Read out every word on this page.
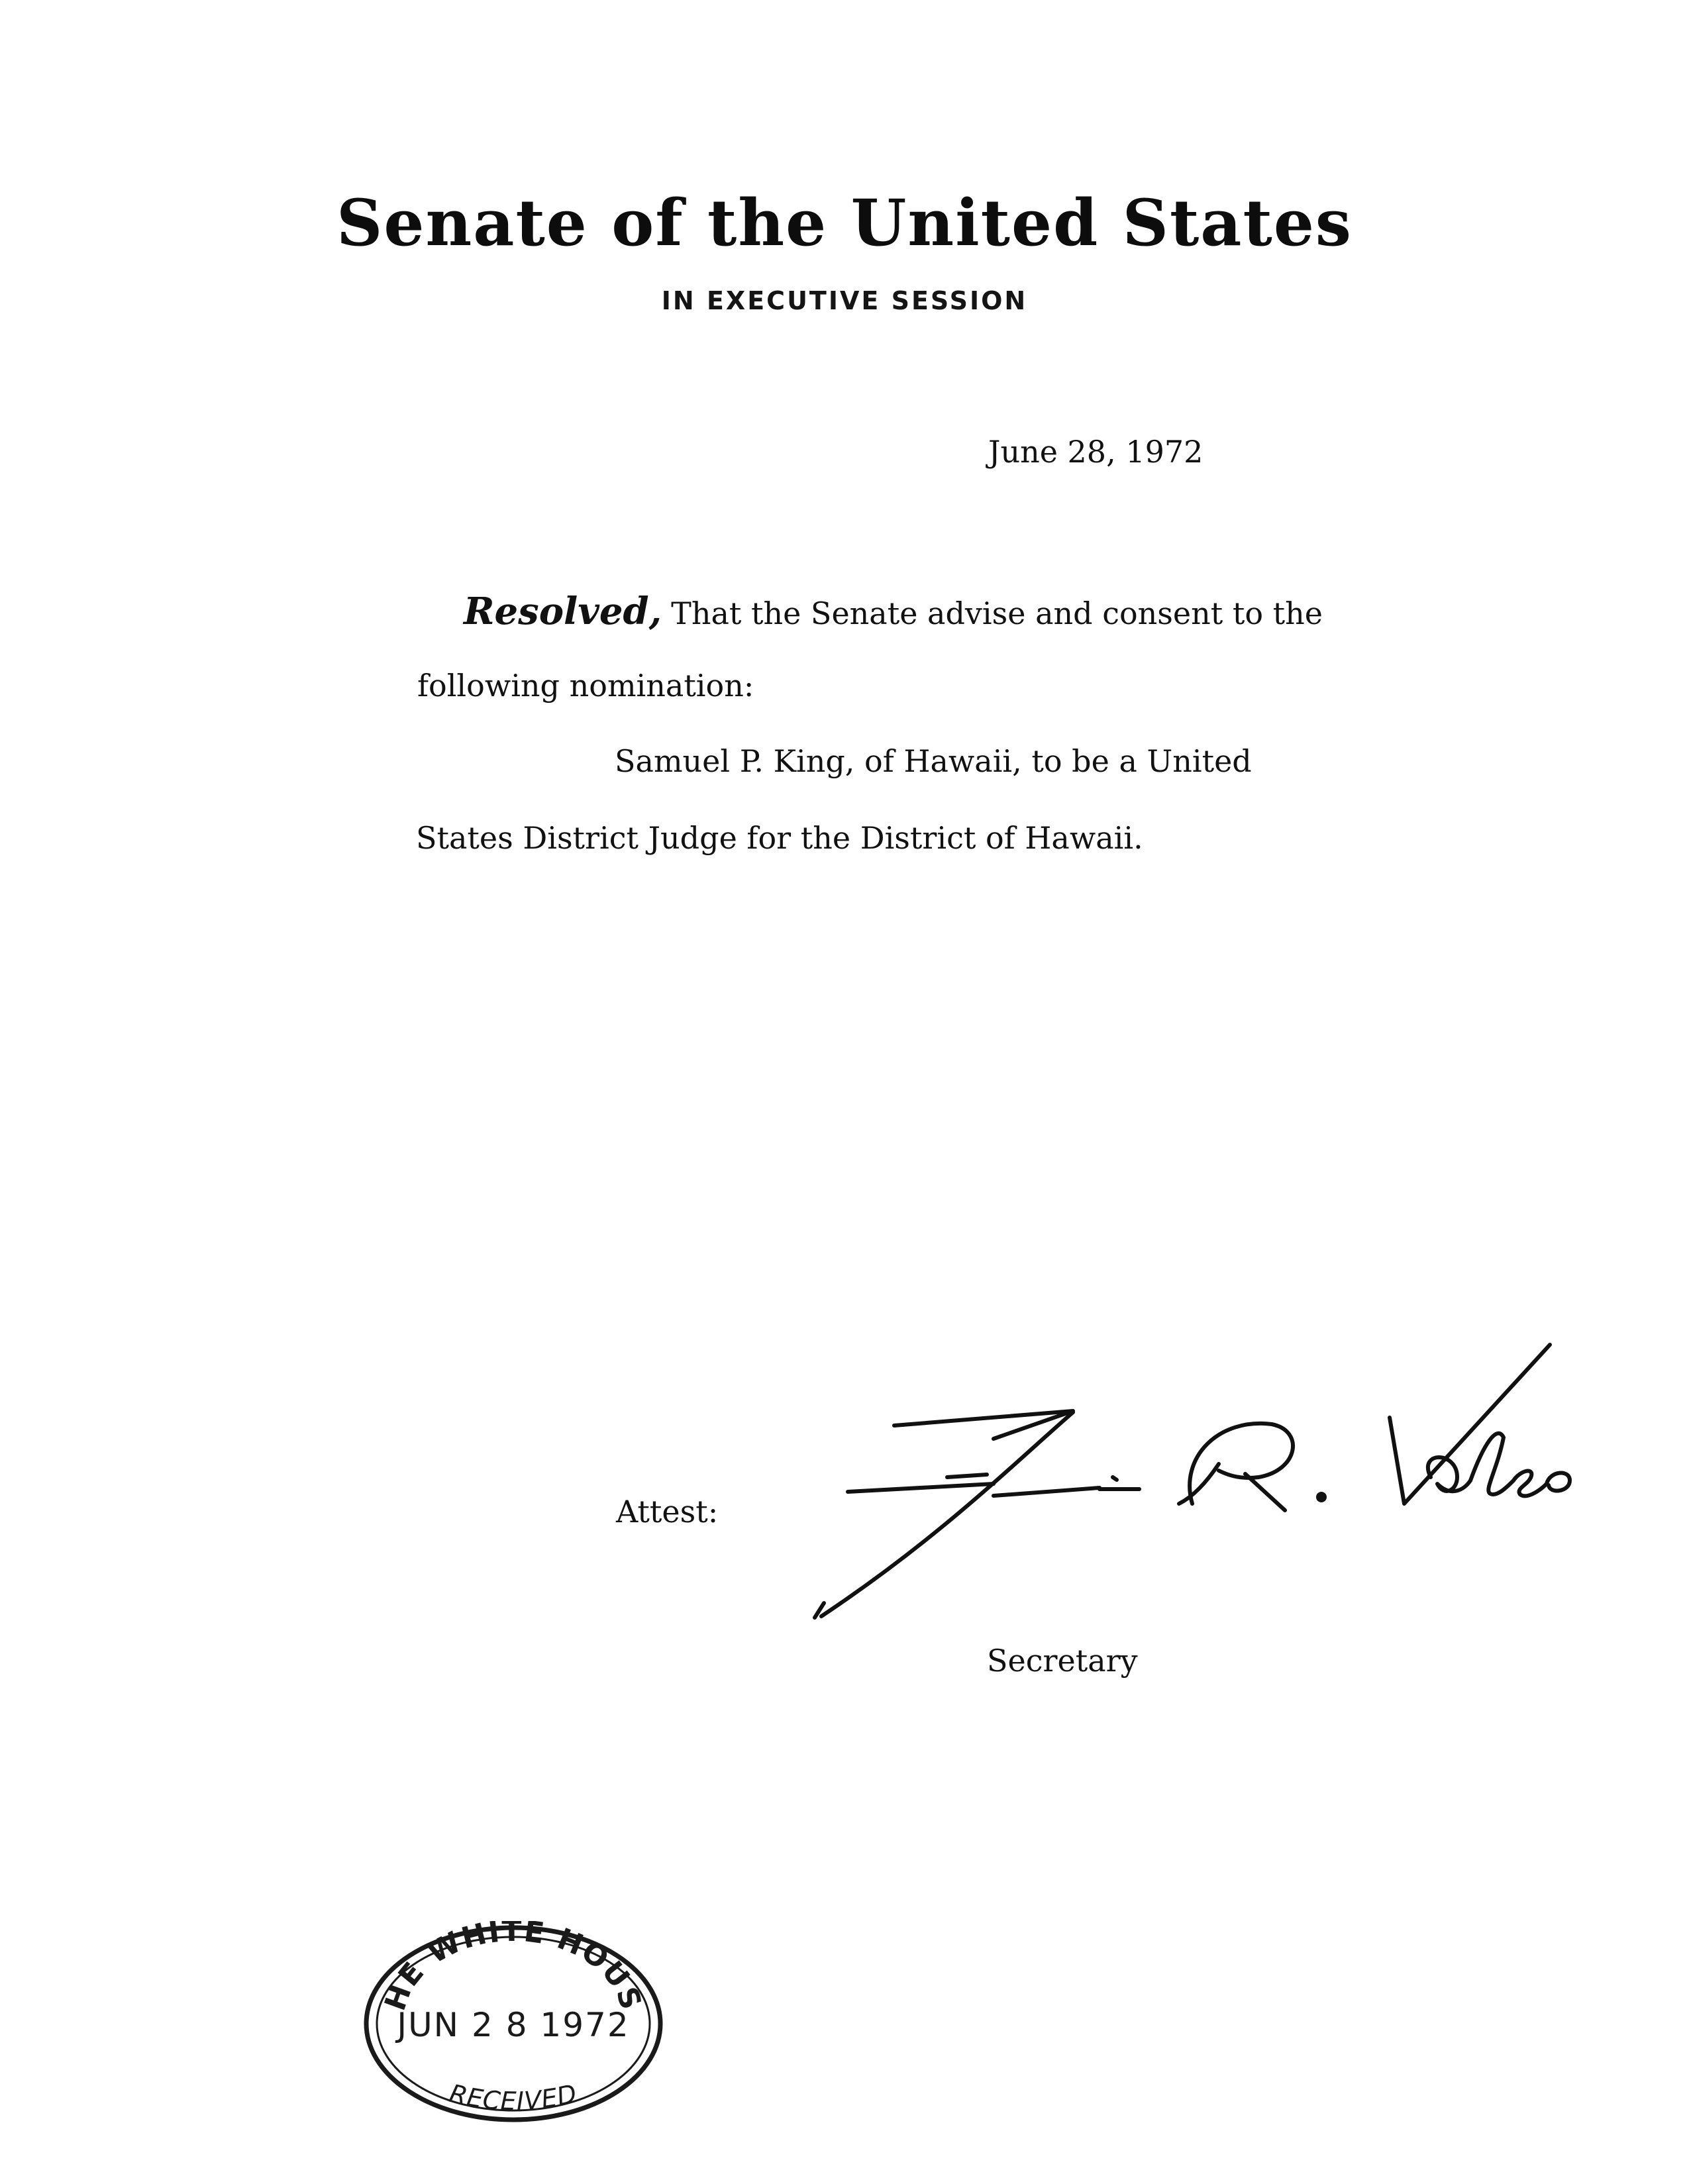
Senate of the United States
IN EXECUTIVE SESSION
June 28, 1972
Resolved, That the Senate advise and consent to the
following nomination:
Samuel P. King, of Hawaii, to be a United
States District Judge for the District of Hawaii.
Attest:
Secretary
HE WHITE HOUS
RECEIVED
JUN 2 8 1972
